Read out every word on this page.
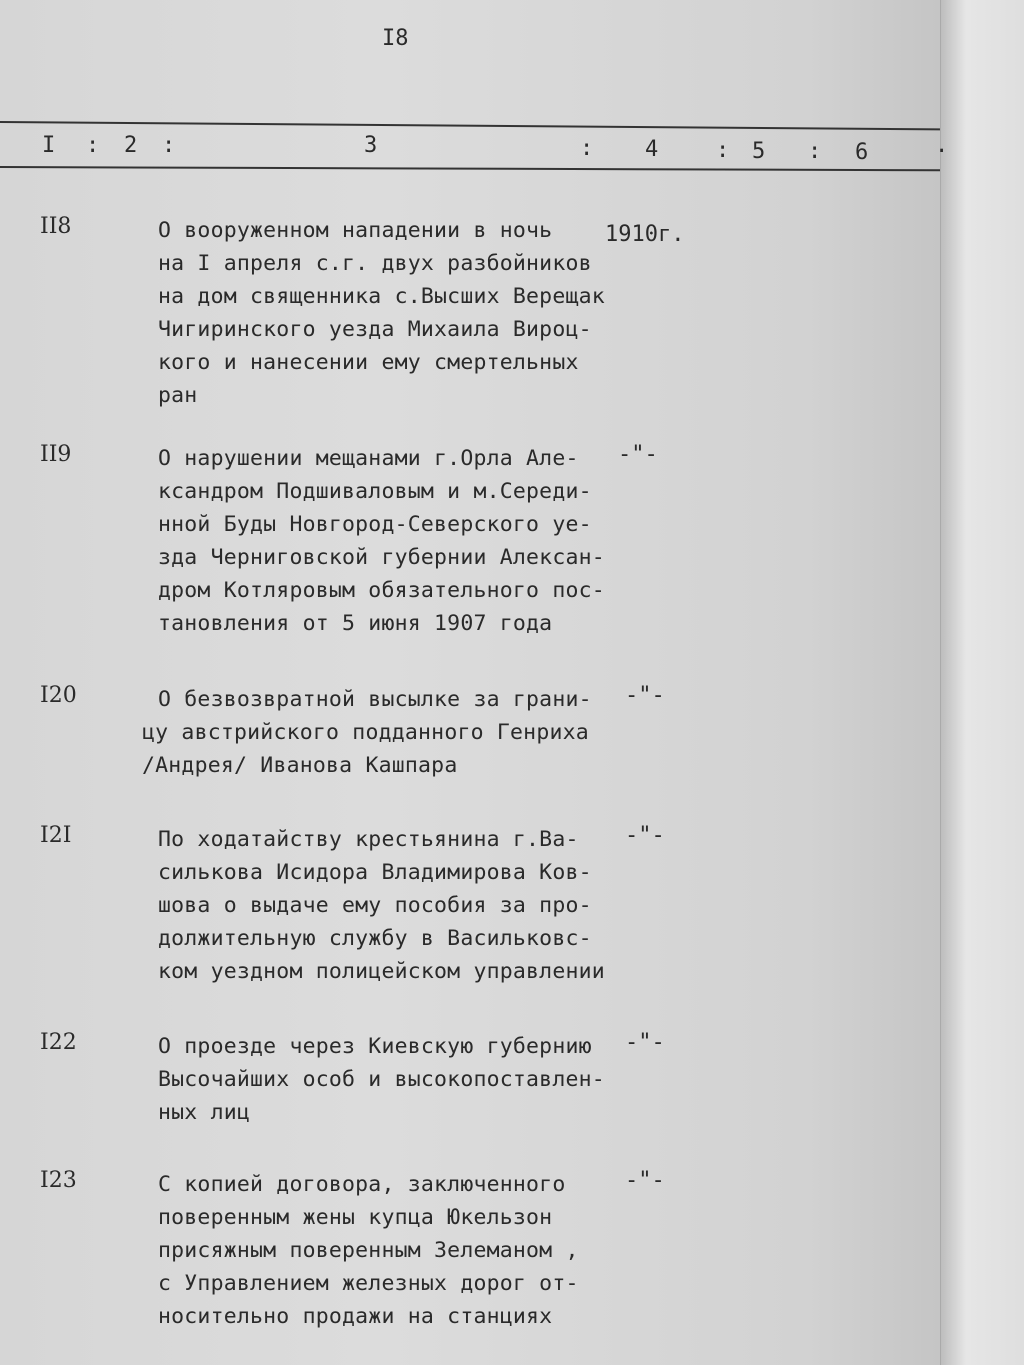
I8
I : 2 :	3	: 4	: 5 : 6	.
II8	О вооруженном нападении в ночь
на I апреля с.г. двух разбойников
на дом священника с.Высших Верещак
Чигиринского уезда Михаила Вироц-
кого и нанесении ему смертельных
ран
1910г.
II9	О нарушении мещанами г.Орла Але-
ксандром Подшиваловым и м.Середи-
нной Буды Новгород-Северского уе-
зда Черниговской губернии Алексан-
дром Котляровым обязательного пос-
тановления от 5 июня 1907 года
-"-
I20	О безвозвратной высылке за грани-
цу австрийского подданного Генриха
/Андрея/ Иванова Кашпара
-"-
I2I	По ходатайству крестьянина г.Ва-
силькова Исидора Владимирова Ков-
шова о выдаче ему пособия за про-
должительную службу в Васильковс-
ком уездном полицейском управлении
-"-
I22	О проезде через Киевскую губернию
Высочайших особ и высокопоставлен-
ных лиц
-"-
I23	С копией договора, заключенного
поверенным жены купца Юкельзон
присяжным поверенным Зелеманом ,
с Управлением железных дорог от-
носительно продажи на станциях
-"-
